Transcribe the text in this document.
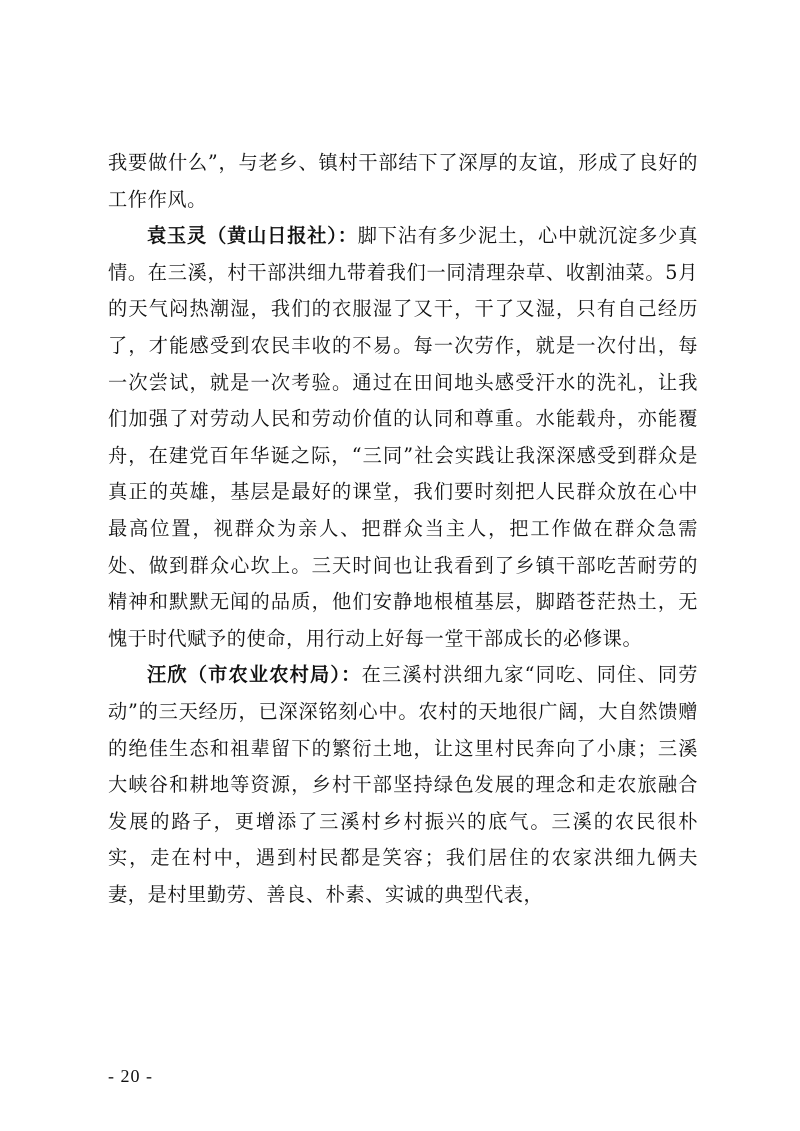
我要做什么”，与老乡、镇村干部结下了深厚的友谊，形成了良好的工作作风。

袁玉灵（黄山日报社）：脚下沾有多少泥土，心中就沉淀多少真情。在三溪，村干部洪细九带着我们一同清理杂草、收割油菜。5月的天气闷热潮湿，我们的衣服湿了又干，干了又湿，只有自己经历了，才能感受到农民丰收的不易。每一次劳作，就是一次付出，每一次尝试，就是一次考验。通过在田间地头感受汗水的洗礼，让我们加强了对劳动人民和劳动价值的认同和尊重。水能载舟，亦能覆舟，在建党百年华诞之际，“三同”社会实践让我深深感受到群众是真正的英雄，基层是最好的课堂，我们要时刻把人民群众放在心中最高位置，视群众为亲人、把群众当主人，把工作做在群众急需处、做到群众心坎上。三天时间也让我看到了乡镇干部吃苦耐劳的精神和默默无闻的品质，他们安静地根植基层，脚踏苍茫热土，无愧于时代赋予的使命，用行动上好每一堂干部成长的必修课。

汪欣（市农业农村局）：在三溪村洪细九家“同吃、同住、同劳动”的三天经历，已深深铭刻心中。农村的天地很广阔，大自然馈赠的绝佳生态和祖辈留下的繁衍土地，让这里村民奔向了小康；三溪大峡谷和耕地等资源，乡村干部坚持绿色发展的理念和走农旅融合发展的路子，更增添了三溪村乡村振兴的底气。三溪的农民很朴实，走在村中，遇到村民都是笑容；我们居住的农家洪细九俩夫妻，是村里勤劳、善良、朴素、实诚的典型代表，

- 20 -
